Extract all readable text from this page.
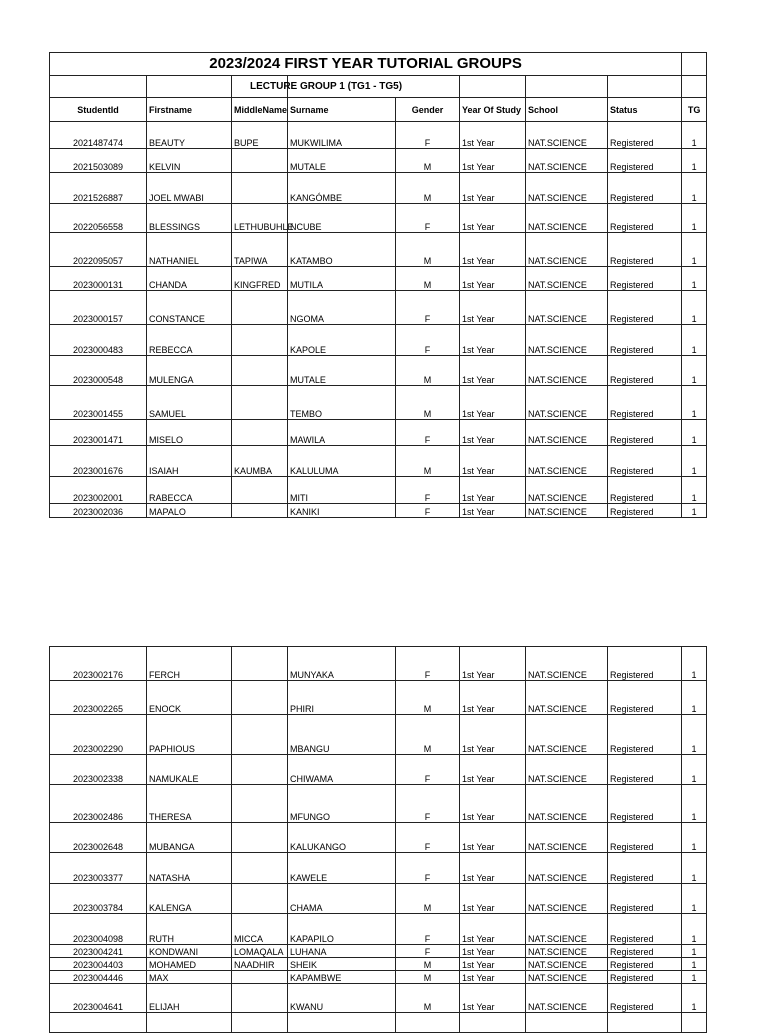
2023/2024 FIRST YEAR TUTORIAL GROUPS								
			LECTURE GROUP 1 (TG1 - TG5)					
StudentId	Firstname	MiddleName	Surname	Gender	Year Of Study	School	Status	TG
2021487474	BEAUTY	BUPE	MUKWILIMA	F	1st Year	NAT.SCIENCE	Registered	1
2021503089	KELVIN		MUTALE	M	1st Year	NAT.SCIENCE	Registered	1
2021526887	JOEL MWABI		KANGÓMBE	M	1st Year	NAT.SCIENCE	Registered	1
2022056558	BLESSINGS	LETHUBUHLE	NCUBE	F	1st Year	NAT.SCIENCE	Registered	1
2022095057	NATHANIEL	TAPIWA	KATAMBO	M	1st Year	NAT.SCIENCE	Registered	1
2023000131	CHANDA	KINGFRED	MUTILA	M	1st Year	NAT.SCIENCE	Registered	1
2023000157	CONSTANCE		NGOMA	F	1st Year	NAT.SCIENCE	Registered	1
2023000483	REBECCA		KAPOLE	F	1st Year	NAT.SCIENCE	Registered	1
2023000548	MULENGA		MUTALE	M	1st Year	NAT.SCIENCE	Registered	1
2023001455	SAMUEL		TEMBO	M	1st Year	NAT.SCIENCE	Registered	1
2023001471	MISELO		MAWILA	F	1st Year	NAT.SCIENCE	Registered	1
2023001676	ISAIAH	KAUMBA	KALULUMA	M	1st Year	NAT.SCIENCE	Registered	1
2023002001	RABECCA		MITI	F	1st Year	NAT.SCIENCE	Registered	1
2023002036	MAPALO		KANIKI	F	1st Year	NAT.SCIENCE	Registered	1
2023002176	FERCH		MUNYAKA	F	1st Year	NAT.SCIENCE	Registered	1
2023002265	ENOCK		PHIRI	M	1st Year	NAT.SCIENCE	Registered	1
2023002290	PAPHIOUS		MBANGU	M	1st Year	NAT.SCIENCE	Registered	1
2023002338	NAMUKALE		CHIWAMA	F	1st Year	NAT.SCIENCE	Registered	1
2023002486	THERESA		MFUNGO	F	1st Year	NAT.SCIENCE	Registered	1
2023002648	MUBANGA		KALUKANGO	F	1st Year	NAT.SCIENCE	Registered	1
2023003377	NATASHA		KAWELE	F	1st Year	NAT.SCIENCE	Registered	1
2023003784	KALENGA		CHAMA	M	1st Year	NAT.SCIENCE	Registered	1
2023004098	RUTH	MICCA	KAPAPILO	F	1st Year	NAT.SCIENCE	Registered	1
2023004241	KONDWANI	LOMAQALA	LUHANA	F	1st Year	NAT.SCIENCE	Registered	1
2023004403	MOHAMED	NAADHIR	SHEIK	M	1st Year	NAT.SCIENCE	Registered	1
2023004446	MAX		KAPAMBWE	M	1st Year	NAT.SCIENCE	Registered	1
2023004641	ELIJAH		KWANU	M	1st Year	NAT.SCIENCE	Registered	1
